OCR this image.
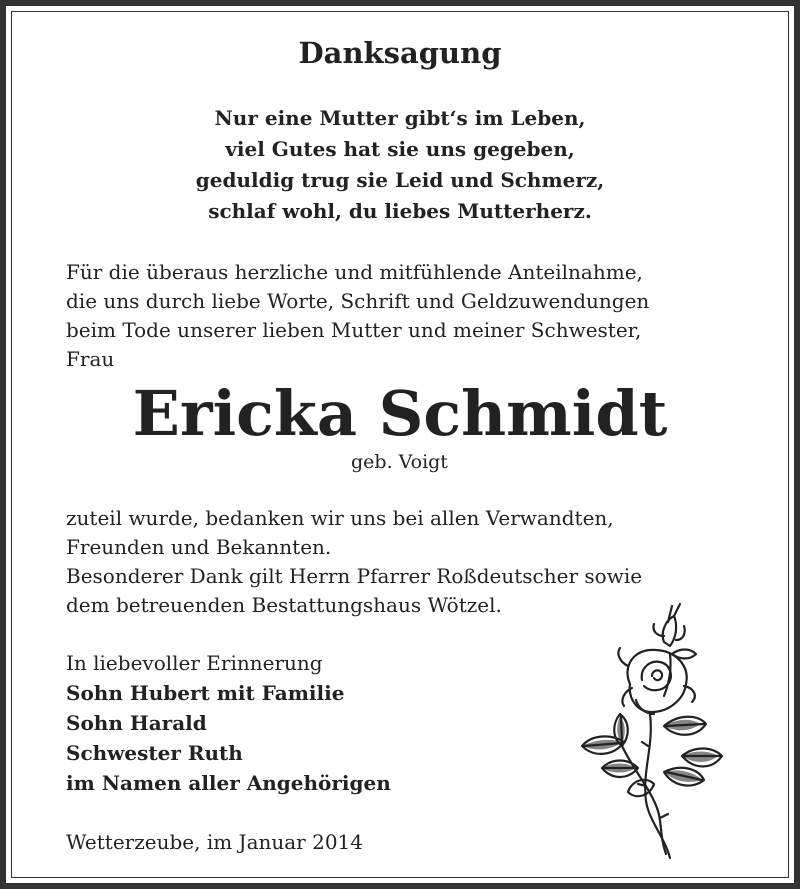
Danksagung
Nur eine Mutter gibt‘s im Leben,
viel Gutes hat sie uns gegeben,
geduldig trug sie Leid und Schmerz,
schlaf wohl, du liebes Mutterherz.
Für die überaus herzliche und mitfühlende Anteilnahme,
die uns durch liebe Worte, Schrift und Geldzuwendungen
beim Tode unserer lieben Mutter und meiner Schwester,
Frau
Ericka Schmidt
geb. Voigt
zuteil wurde, bedanken wir uns bei allen Verwandten,
Freunden und Bekannten.
Besonderer Dank gilt Herrn Pfarrer Roßdeutscher sowie
dem betreuenden Bestattungshaus Wötzel.
In liebevoller Erinnerung
Sohn Hubert mit Familie
Sohn Harald
Schwester Ruth
im Namen aller Angehörigen
Wetterzeube, im Januar 2014
